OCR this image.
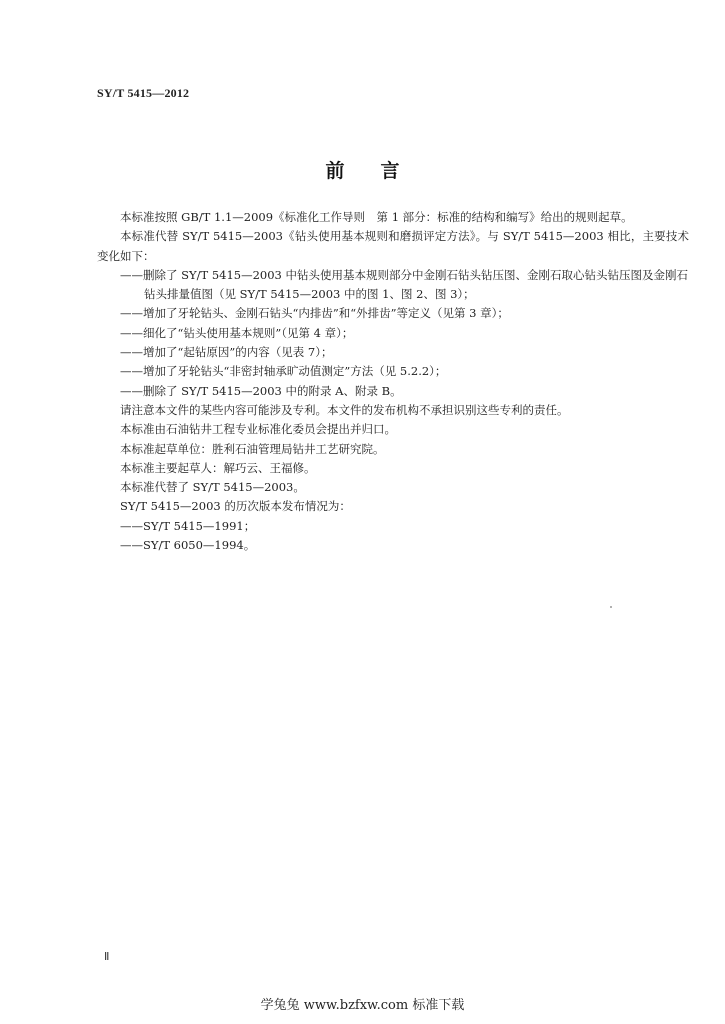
SY/T 5415—2012
前言

本标准按照 GB/T 1.1—2009《标准化工作导则　第 1 部分：标准的结构和编写》给出的规则起草。

本标准代替 SY/T 5415—2003《钻头使用基本规则和磨损评定方法》。与 SY/T 5415—2003 相比，主要技术变化如下：

——删除了 SY/T 5415—2003 中钻头使用基本规则部分中金刚石钻头钻压图、金刚石取心钻头钻压图及金刚石钻头排量值图（见 SY/T 5415—2003 中的图 1、图 2、图 3）；

——增加了牙轮钻头、金刚石钻头“内排齿”和“外排齿”等定义（见第 3 章）；

——细化了“钻头使用基本规则”（见第 4 章）；

——增加了“起钻原因”的内容（见表 7）；

——增加了牙轮钻头“非密封轴承旷动值测定”方法（见 5.2.2）；

——删除了 SY/T 5415—2003 中的附录 A、附录 B。

请注意本文件的某些内容可能涉及专利。本文件的发布机构不承担识别这些专利的责任。

本标准由石油钻井工程专业标准化委员会提出并归口。

本标准起草单位：胜利石油管理局钻井工艺研究院。

本标准主要起草人：解巧云、王福修。

本标准代替了 SY/T 5415—2003。

SY/T 5415—2003 的历次版本发布情况为：

——SY/T 5415—1991；

——SY/T 6050—1994。

Ⅱ
学兔兔 www.bzfxw.com 标准下载
